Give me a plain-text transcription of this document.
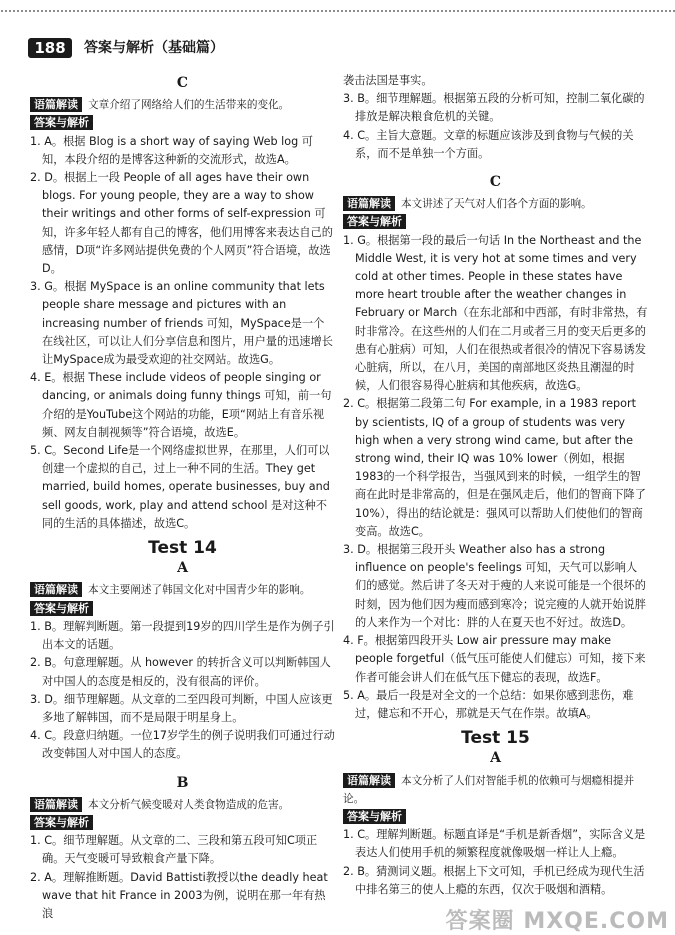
188	答案与解析（基础篇）
C

语篇解读 文章介绍了网络给人们的生活带来的变化。

答案与解析

1. A。根据 Blog is a short way of saying Web log 可知，本段介绍的是博客这种新的交流形式，故选A。

2. D。根据上一段 People of all ages have their own blogs. For young people, they are a way to show their writings and other forms of self-expression 可知，许多年轻人都有自己的博客，他们用博客来表达自己的感情，D项“许多网站提供免费的个人网页”符合语境，故选D。

3. G。根据 MySpace is an online community that lets people share message and pictures with an increasing number of friends 可知，MySpace是一个在线社区，可以让人们分享信息和图片，用户量的迅速增长让MySpace成为最受欢迎的社交网站。故选G。

4. E。根据 These include videos of people singing or dancing, or animals doing funny things 可知，前一句介绍的是YouTube这个网站的功能，E项“网站上有音乐视频、网友自制视频等”符合语境，故选E。

5. C。Second Life是一个网络虚拟世界，在那里，人们可以创建一个虚拟的自己，过上一种不同的生活。They get married, build homes, operate businesses, buy and sell goods, work, play and attend school 是对这种不同的生活的具体描述，故选C。

Test 14
A

语篇解读 本文主要阐述了韩国文化对中国青少年的影响。

答案与解析

1. B。理解判断题。第一段提到19岁的四川学生是作为例子引出本文的话题。

2. B。句意理解题。从 however 的转折含义可以判断韩国人对中国人的态度是相反的，没有很高的评价。

3. D。细节理解题。从文章的二至四段可判断，中国人应该更多地了解韩国，而不是局限于明星身上。

4. C。段意归纳题。一位17岁学生的例子说明我们可通过行动改变韩国人对中国人的态度。

B

语篇解读 本文分析气候变暖对人类食物造成的危害。

答案与解析

1. C。细节理解题。从文章的二、三段和第五段可知C项正确。天气变暖可导致粮食产量下降。

2. A。理解推断题。David Battisti教授以the deadly heat wave that hit France in 2003为例，说明在那一年有热浪

袭击法国是事实。

3. B。细节理解题。根据第五段的分析可知，控制二氧化碳的排放是解决粮食危机的关键。

4. C。主旨大意题。文章的标题应该涉及到食物与气候的关系，而不是单独一个方面。

C

语篇解读 本文讲述了天气对人们各个方面的影响。

答案与解析

1. G。根据第一段的最后一句话 In the Northeast and the Middle West, it is very hot at some times and very cold at other times. People in these states have more heart trouble after the weather changes in February or March（在东北部和中西部，有时非常热，有时非常冷。在这些州的人们在二月或者三月的变天后更多的患有心脏病）可知，人们在很热或者很冷的情况下容易诱发心脏病，所以，在八月，美国的南部地区炎热且潮湿的时候，人们很容易得心脏病和其他疾病，故选G。

2. C。根据第二段第二句 For example, in a 1983 report by scientists, IQ of a group of students was very high when a very strong wind came, but after the strong wind, their IQ was 10% lower（例如，根据1983的一个科学报告，当强风到来的时候，一组学生的智商在此时是非常高的，但是在强风走后，他们的智商下降了10%），得出的结论就是：强风可以帮助人们使他们的智商变高。故选C。

3. D。根据第三段开头 Weather also has a strong influence on people's feelings 可知，天气可以影响人们的感觉。然后讲了冬天对于瘦的人来说可能是一个很坏的时刻，因为他们因为瘦而感到寒冷；说完瘦的人就开始说胖的人来作为一个对比：胖的人在夏天也不好过。故选D。

4. F。根据第四段开头 Low air pressure may make people forgetful（低气压可能使人们健忘）可知，接下来作者可能会讲人们在低气压下健忘的表现，故选F。

5. A。最后一段是对全文的一个总结：如果你感到悲伤，难过，健忘和不开心，那就是天气在作崇。故填A。

Test 15
A

语篇解读 本文分析了人们对智能手机的依赖可与烟瘾相提并论。

答案与解析

1. C。理解判断题。标题直译是“手机是新香烟”，实际含义是表达人们使用手机的频繁程度就像吸烟一样让人上瘾。

2. B。猜测词义题。根据上下文可知，手机已经成为现代生活中排名第三的使人上瘾的东西，仅次于吸烟和酒精。

答案圈 MXQE.COM
